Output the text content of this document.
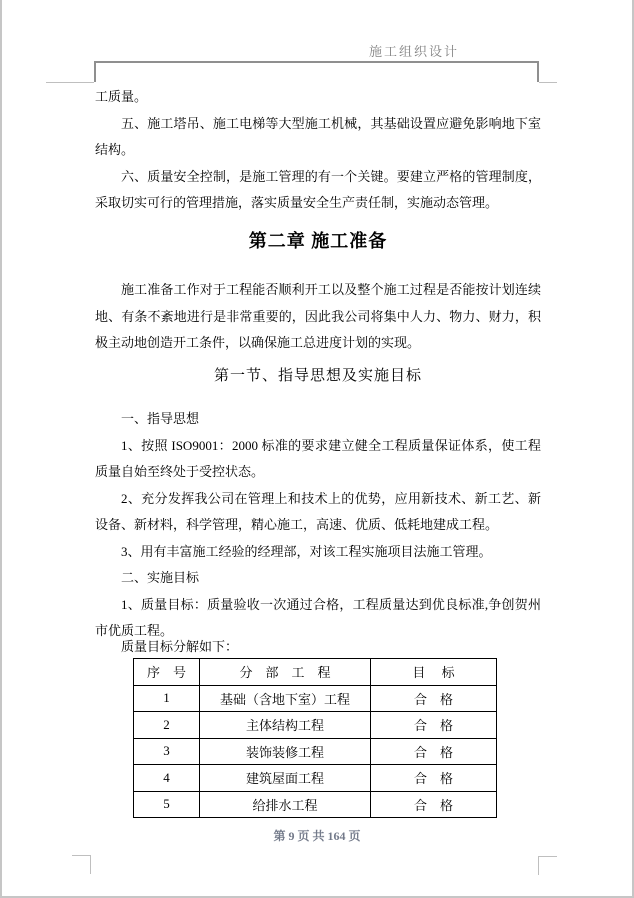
施工组织设计

工质量。

五、施工塔吊、施工电梯等大型施工机械，其基础设置应避免影响地下室结构。

六、质量安全控制，是施工管理的有一个关键。要建立严格的管理制度，采取切实可行的管理措施，落实质量安全生产责任制，实施动态管理。

第二章 施工准备

施工准备工作对于工程能否顺利开工以及整个施工过程是否能按计划连续地、有条不紊地进行是非常重要的，因此我公司将集中人力、物力、财力，积极主动地创造开工条件，以确保施工总进度计划的实现。

第一节、指导思想及实施目标

一、指导思想

1、按照 ISO9001：2000 标准的要求建立健全工程质量保证体系，使工程质量自始至终处于受控状态。

2、充分发挥我公司在管理上和技术上的优势，应用新技术、新工艺、新设备、新材料，科学管理，精心施工，高速、优质、低耗地建成工程。

3、用有丰富施工经验的经理部，对该工程实施项目法施工管理。

二、实施目标

1、质量目标：质量验收一次通过合格，工程质量达到优良标准,争创贺州市优质工程。

质量目标分解如下：

序　号	分　部　工　程	目　 标
1	基础（含地下室）工程	合　格
2	主体结构工程	合　格
3	装饰装修工程	合　格
4	建筑屋面工程	合　格
5	给排水工程	合　格
第 9 页 共 164 页
